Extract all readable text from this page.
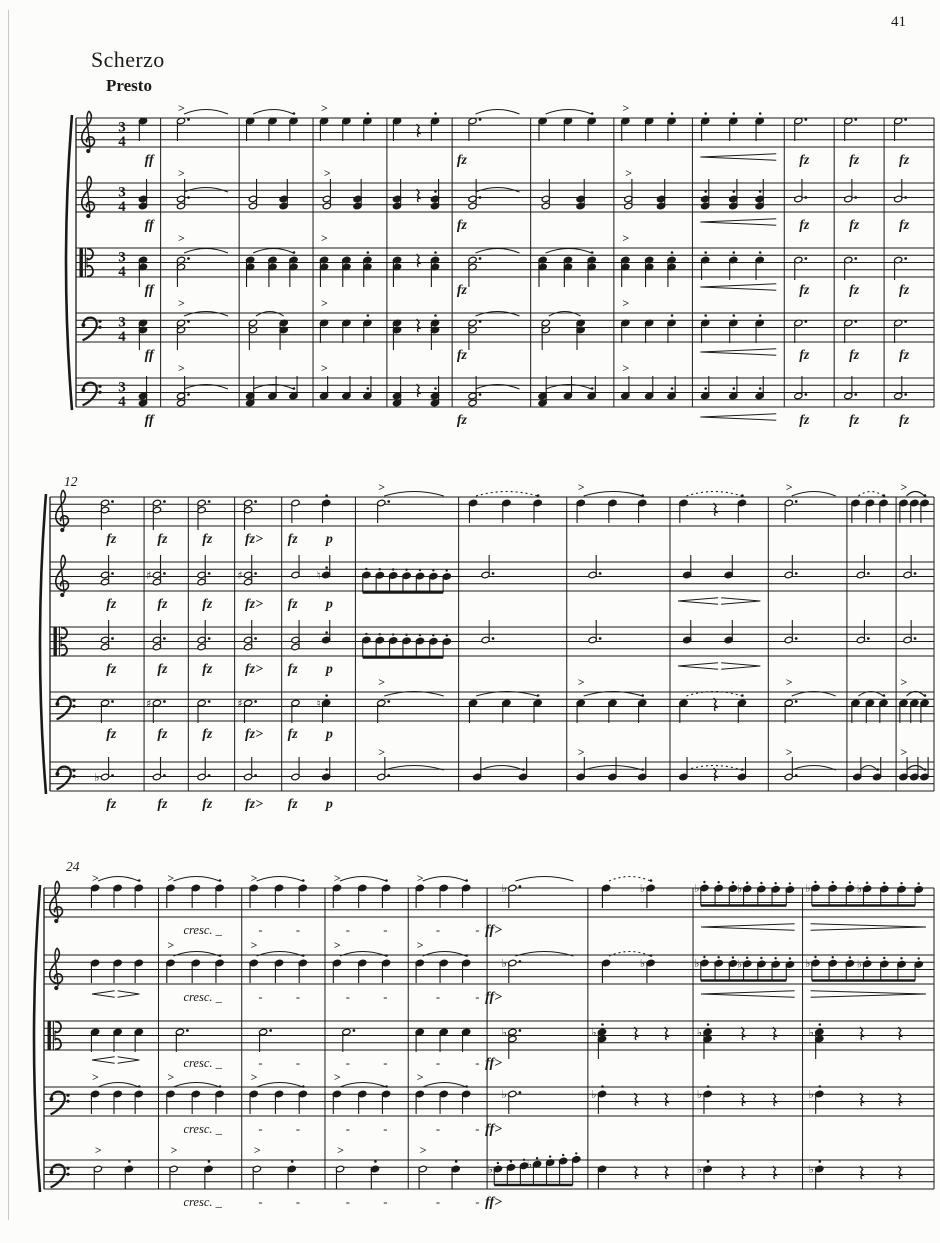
3
4
>	>	>
ff	fz	fz	fz	fz
3
4
>	>	>
ff	fz	fz	fz	fz
3
4
>	>	>
ff	fz	fz	fz	fz
3
4
>	>	>
ff	fz	fz	fz	fz
3
4
>	>	>
ff	fz	fz	fz	fz
>	>	>	>
fz	fz fz fz> fz p
♯	♯	♮
fz	fz fz fz> fz p
fz	fz fz fz> fz p
♯	♯	♮
>	>	>	>
fz	fz fz fz> fz p
♭
>	>	>	>
fz	fz fz fz> fz p
>	>	>	>	>
♭	♭	♭	♭	♭	♭
cresc. _	-	-	-	-	-	- ff>
>	>	>	>
♭	♭	♭	♭	♭	♭
cresc. _	-	-	-	-	-	- ff>
♭	♭	♭	♭
cresc. _	-	-	-	-	-	- ff>
>	>	>	>	>
♭	♭	♭	♭
cresc. _	-	-	-	-	-	- ff>
>	>	>	>	>
♭	♭	♭	♭
cresc. _	-	-	-	-	-	- ff>
41
Scherzo
Presto
12
24
